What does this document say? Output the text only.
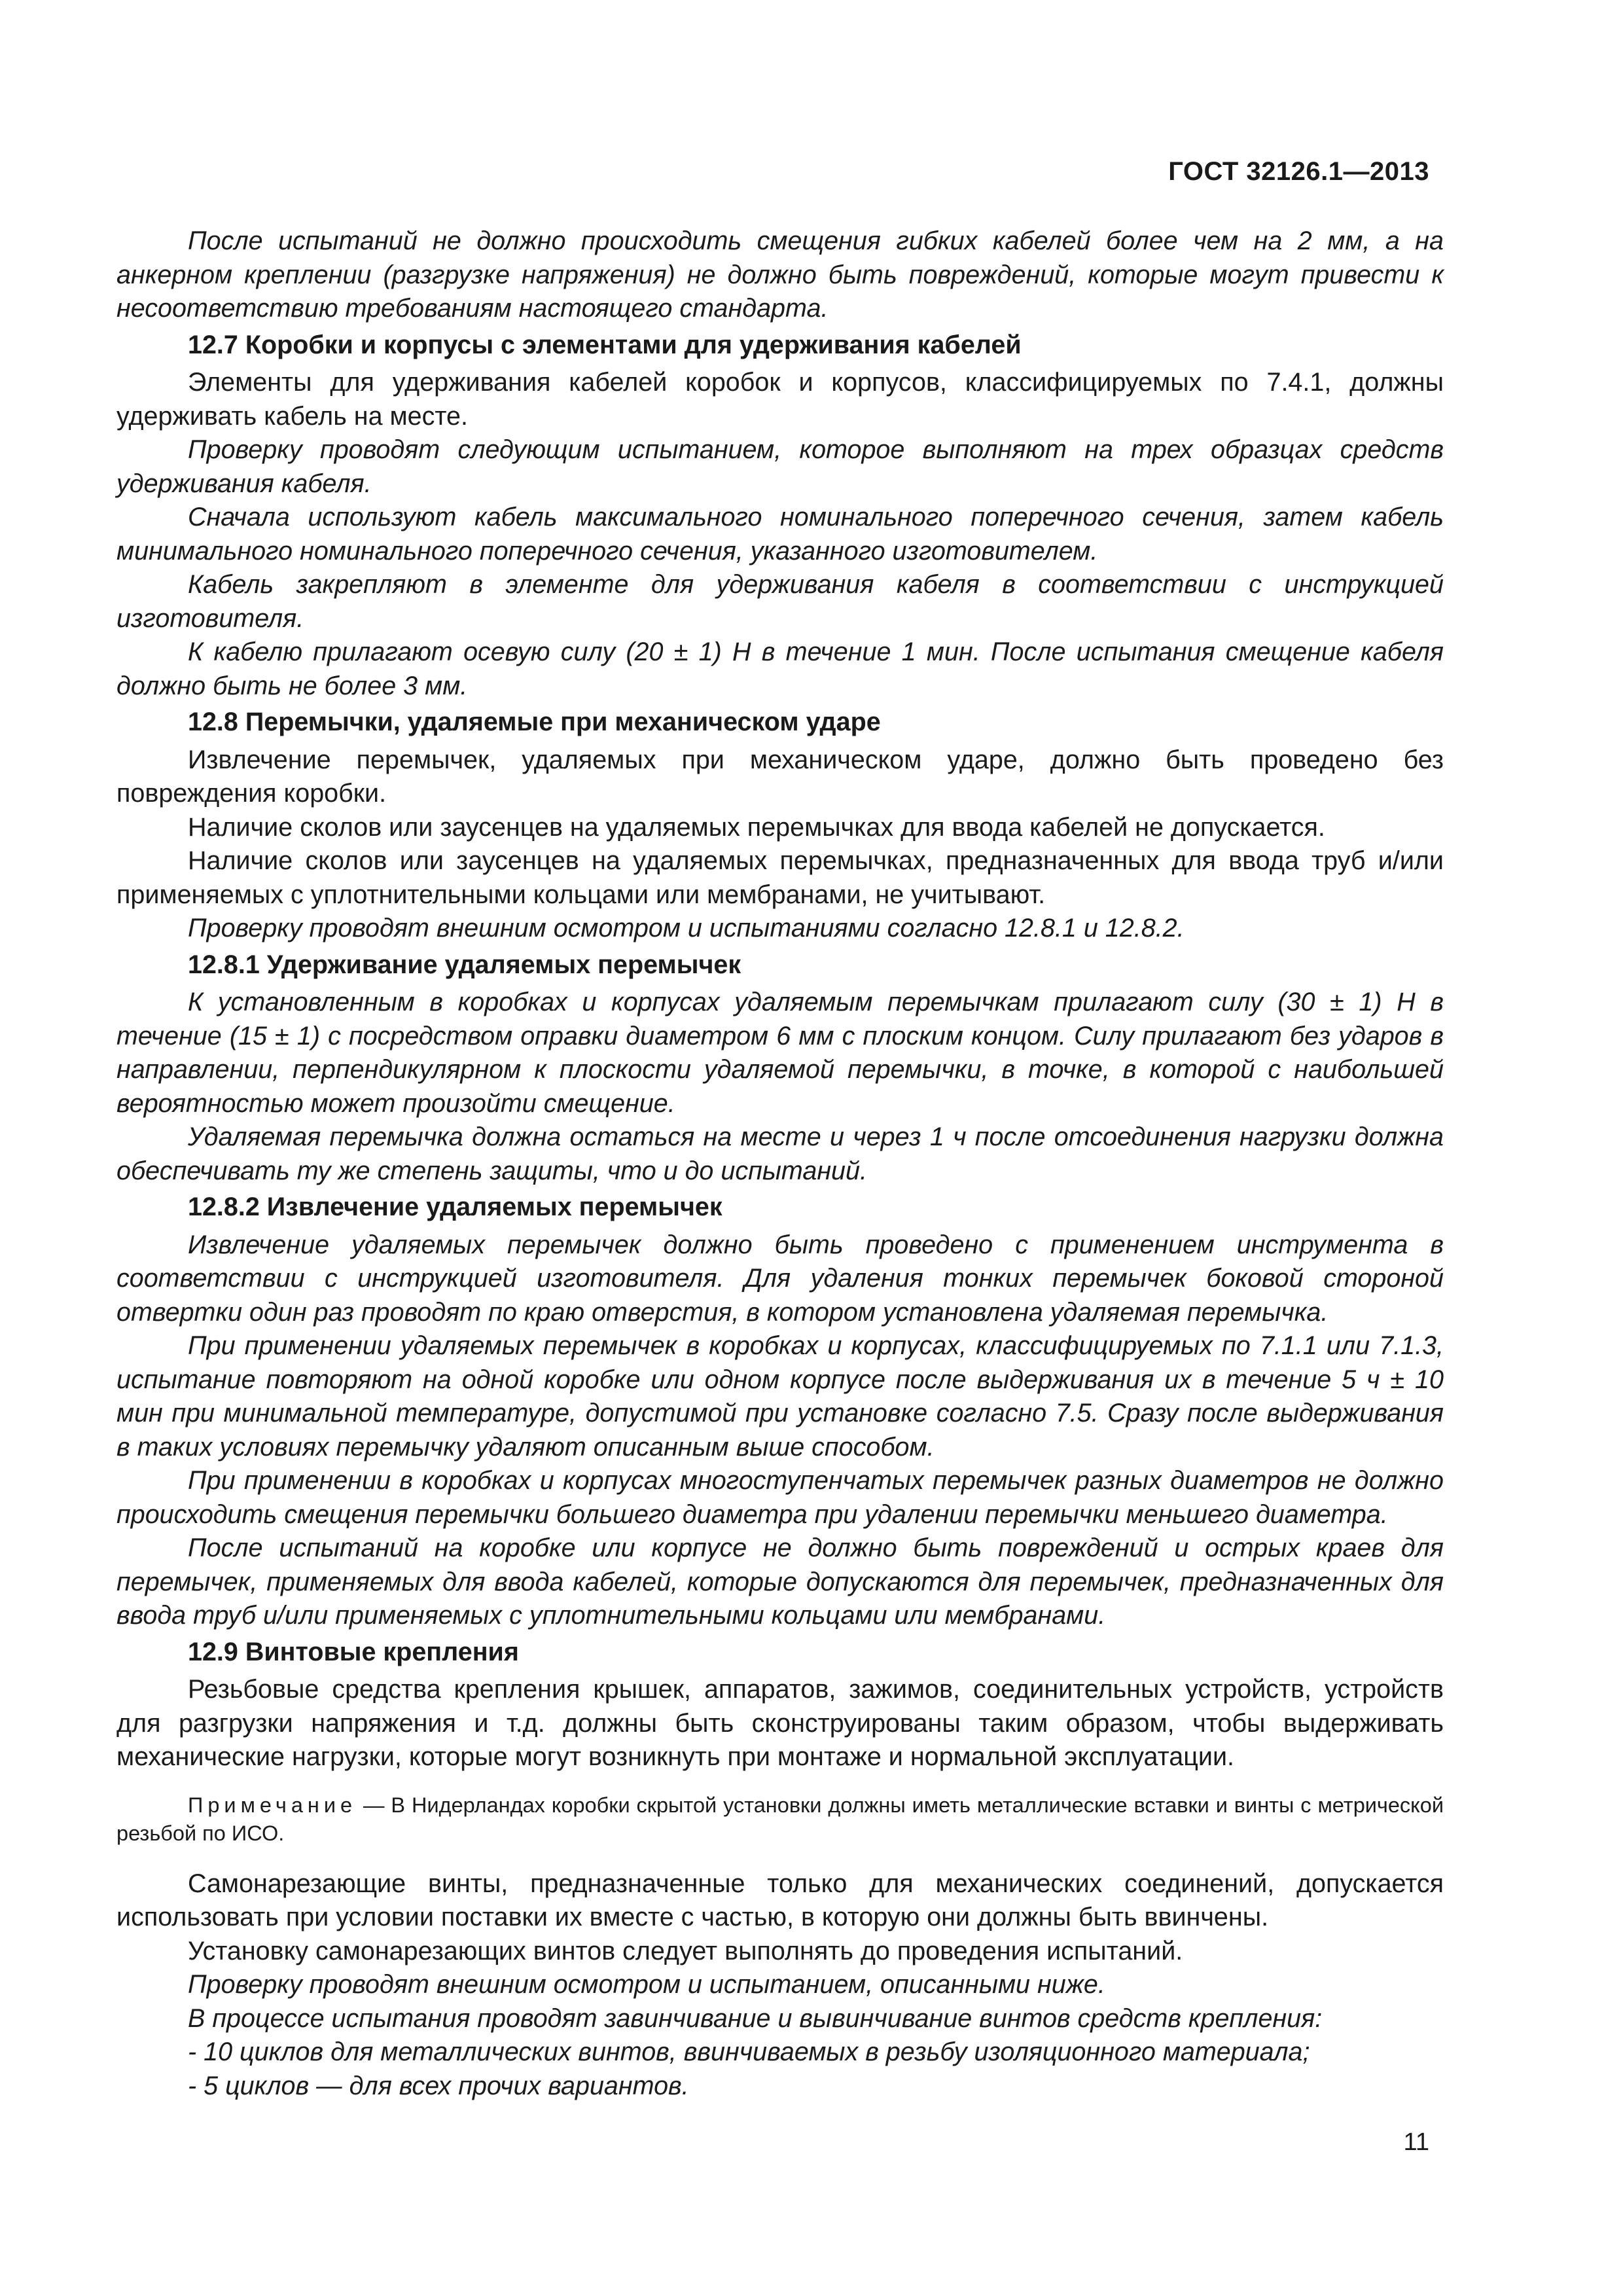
ГОСТ 32126.1—2013

После испытаний не должно происходить смещения гибких кабелей более чем на 2 мм, а на анкерном креплении (разгрузке напряжения) не должно быть повреждений, которые могут привести к несоответствию требованиям настоящего стандарта.

12.7 Коробки и корпусы с элементами для удерживания кабелей

Элементы для удерживания кабелей коробок и корпусов, классифицируемых по 7.4.1, должны удерживать кабель на месте.

Проверку проводят следующим испытанием, которое выполняют на трех образцах средств удерживания кабеля.

Сначала используют кабель максимального номинального поперечного сечения, затем кабель минимального номинального поперечного сечения, указанного изготовителем.

Кабель закрепляют в элементе для удерживания кабеля в соответствии с инструкцией изготовителя.

К кабелю прилагают осевую силу (20 ± 1) Н в течение 1 мин. После испытания смещение кабеля должно быть не более 3 мм.

12.8 Перемычки, удаляемые при механическом ударе

Извлечение перемычек, удаляемых при механическом ударе, должно быть проведено без повреждения коробки.

Наличие сколов или заусенцев на удаляемых перемычках для ввода кабелей не допускается.

Наличие сколов или заусенцев на удаляемых перемычках, предназначенных для ввода труб и/или применяемых с уплотнительными кольцами или мембранами, не учитывают.

Проверку проводят внешним осмотром и испытаниями согласно 12.8.1 и 12.8.2.

12.8.1 Удерживание удаляемых перемычек

К установленным в коробках и корпусах удаляемым перемычкам прилагают силу (30 ± 1) Н в течение (15 ± 1) с посредством оправки диаметром 6 мм с плоским концом. Силу прилагают без ударов в направлении, перпендикулярном к плоскости удаляемой перемычки, в точке, в которой с наибольшей вероятностью может произойти смещение.

Удаляемая перемычка должна остаться на месте и через 1 ч после отсоединения нагрузки должна обеспечивать ту же степень защиты, что и до испытаний.

12.8.2 Извлечение удаляемых перемычек

Извлечение удаляемых перемычек должно быть проведено с применением инструмента в соответствии с инструкцией изготовителя. Для удаления тонких перемычек боковой стороной отвертки один раз проводят по краю отверстия, в котором установлена удаляемая перемычка.

При применении удаляемых перемычек в коробках и корпусах, классифицируемых по 7.1.1 или 7.1.3, испытание повторяют на одной коробке или одном корпусе после выдерживания их в течение 5 ч ± 10 мин при минимальной температуре, допустимой при установке согласно 7.5. Сразу после выдерживания в таких условиях перемычку удаляют описанным выше способом.

При применении в коробках и корпусах многоступенчатых перемычек разных диаметров не должно происходить смещения перемычки большего диаметра при удалении перемычки меньшего диаметра.

После испытаний на коробке или корпусе не должно быть повреждений и острых краев для перемычек, применяемых для ввода кабелей, которые допускаются для перемычек, предназначенных для ввода труб и/или применяемых с уплотнительными кольцами или мембранами.

12.9 Винтовые крепления

Резьбовые средства крепления крышек, аппаратов, зажимов, соединительных устройств, устройств для разгрузки напряжения и т.д. должны быть сконструированы таким образом, чтобы выдерживать механические нагрузки, которые могут возникнуть при монтаже и нормальной эксплуатации.

Примечание — В Нидерландах коробки скрытой установки должны иметь металлические вставки и винты с метрической резьбой по ИСО.

Самонарезающие винты, предназначенные только для механических соединений, допускается использовать при условии поставки их вместе с частью, в которую они должны быть ввинчены.

Установку самонарезающих винтов следует выполнять до проведения испытаний.

Проверку проводят внешним осмотром и испытанием, описанными ниже.

В процессе испытания проводят завинчивание и вывинчивание винтов средств крепления:

- 10 циклов для металлических винтов, ввинчиваемых в резьбу изоляционного материала;

- 5 циклов — для всех прочих вариантов.

11
